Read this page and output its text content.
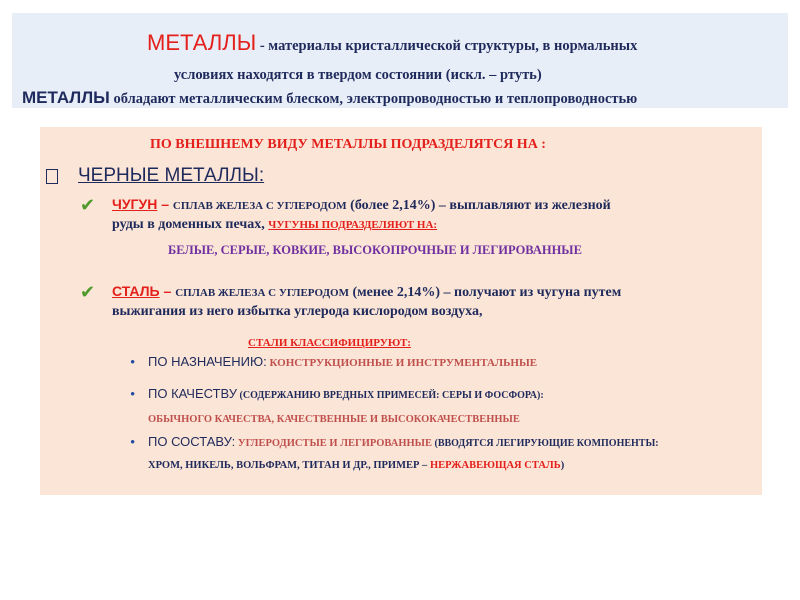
МЕТАЛЛЫ - материалы кристаллической структуры, в нормальных
условиях находятся в твердом состоянии (искл. – ртуть)
МЕТАЛЛЫ обладают металлическим блеском, электропроводностью и теплопроводностью
ПО ВНЕШНЕМУ ВИДУ МЕТАЛЛЫ ПОДРАЗДЕЛЯТСЯ НА :
ЧЕРНЫЕ МЕТАЛЛЫ:
✔ ЧУГУН – СПЛАВ ЖЕЛЕЗА С УГЛЕРОДОМ (более 2,14%) – выплавляют из железной
руды в доменных печах, ЧУГУНЫ ПОДРАЗДЕЛЯЮТ НА:
БЕЛЫЕ, СЕРЫЕ, КОВКИЕ, ВЫСОКОПРОЧНЫЕ И ЛЕГИРОВАННЫЕ
✔ СТАЛЬ – СПЛАВ ЖЕЛЕЗА С УГЛЕРОДОМ (менее 2,14%) – получают из чугуна путем
выжигания из него избытка углерода кислородом воздуха,
СТАЛИ КЛАССИФИЦИРУЮТ:
• ПО НАЗНАЧЕНИЮ: КОНСТРУКЦИОННЫЕ И ИНСТРУМЕНТАЛЬНЫЕ
• ПО КАЧЕСТВУ (СОДЕРЖАНИЮ ВРЕДНЫХ ПРИМЕСЕЙ: СЕРЫ И ФОСФОРА):
ОБЫЧНОГО КАЧЕСТВА, КАЧЕСТВЕННЫЕ И ВЫСОКОКАЧЕСТВЕННЫЕ
• ПО СОСТАВУ: УГЛЕРОДИСТЫЕ И ЛЕГИРОВАННЫЕ (ВВОДЯТСЯ ЛЕГИРУЮЩИЕ КОМПОНЕНТЫ:
ХРОМ, НИКЕЛЬ, ВОЛЬФРАМ, ТИТАН И ДР., ПРИМЕР – НЕРЖАВЕЮЩАЯ СТАЛЬ)
